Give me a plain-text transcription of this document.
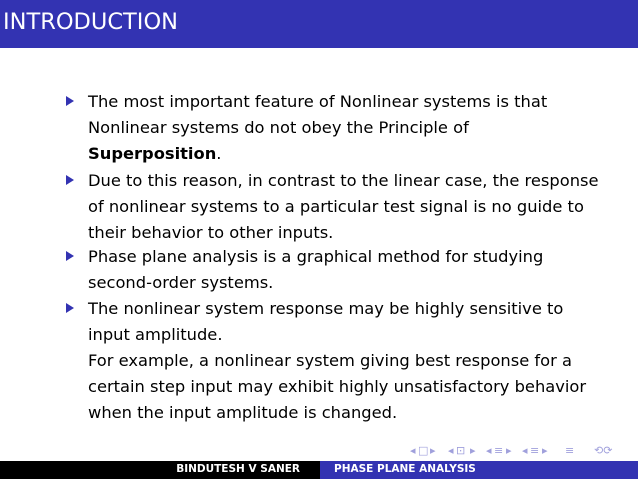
INTRODUCTION
The most important feature of Nonlinear systems is that
Nonlinear systems do not obey the Principle of
Superposition.
Due to this reason, in contrast to the linear case, the response
of nonlinear systems to a particular test signal is no guide to
their behavior to other inputs.
Phase plane analysis is a graphical method for studying
second-order systems.
The nonlinear system response may be highly sensitive to
input amplitude.
For example, a nonlinear system giving best response for a
certain step input may exhibit highly unsatisfactory behavior
when the input amplitude is changed.
◂ □ ▸ ◂ ⊡ ▸ ◂ ≡ ▸ ◂ ≡ ▸ ≡ ⟲⟳
BINDUTESH V SANER	PHASE PLANE ANALYSIS
